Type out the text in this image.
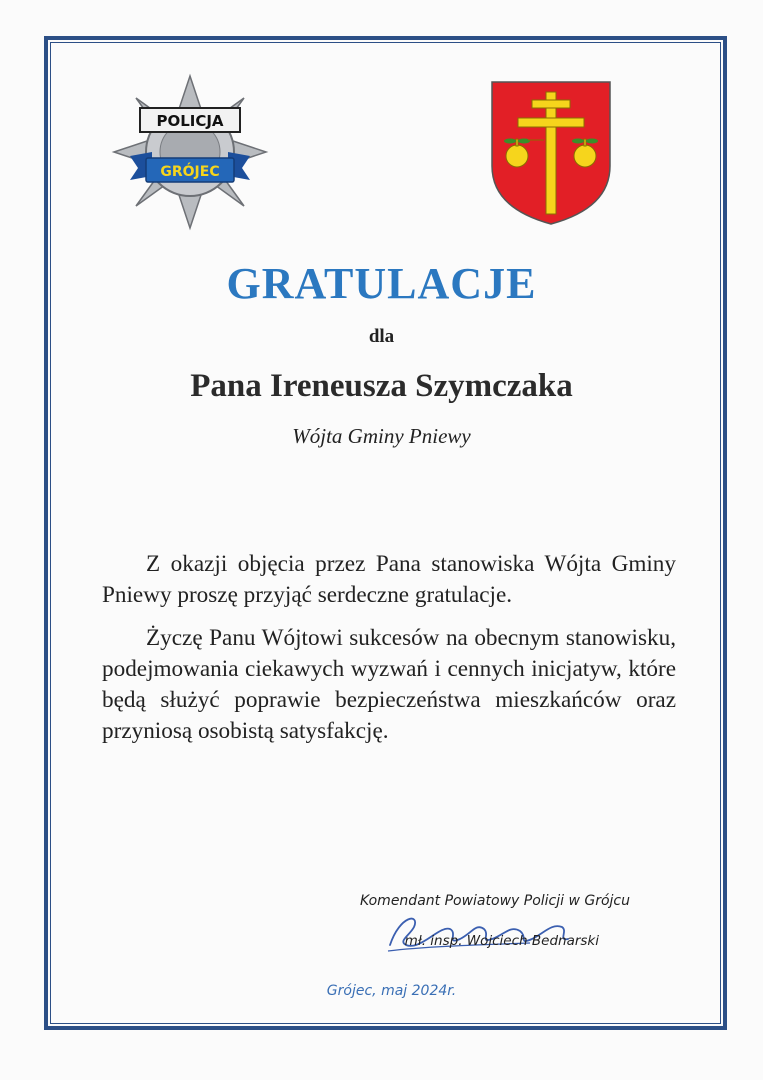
POLICJA
GRÓJEC
GRATULACJE
dla
Pana Ireneusza Szymczaka
Wójta Gminy Pniewy

Z okazji objęcia przez Pana stanowiska Wójta Gminy Pniewy proszę przyjąć serdeczne gratulacje.

Życzę Panu Wójtowi sukcesów na obecnym stanowisku, podejmowania ciekawych wyzwań i cennych inicjatyw, które będą służyć poprawie bezpieczeństwa mieszkańców oraz przyniosą osobistą satysfakcję.

Komendant Powiatowy Policji w Grójcu
mł. insp. Wojciech Bednarski
Grójec, maj 2024r.
